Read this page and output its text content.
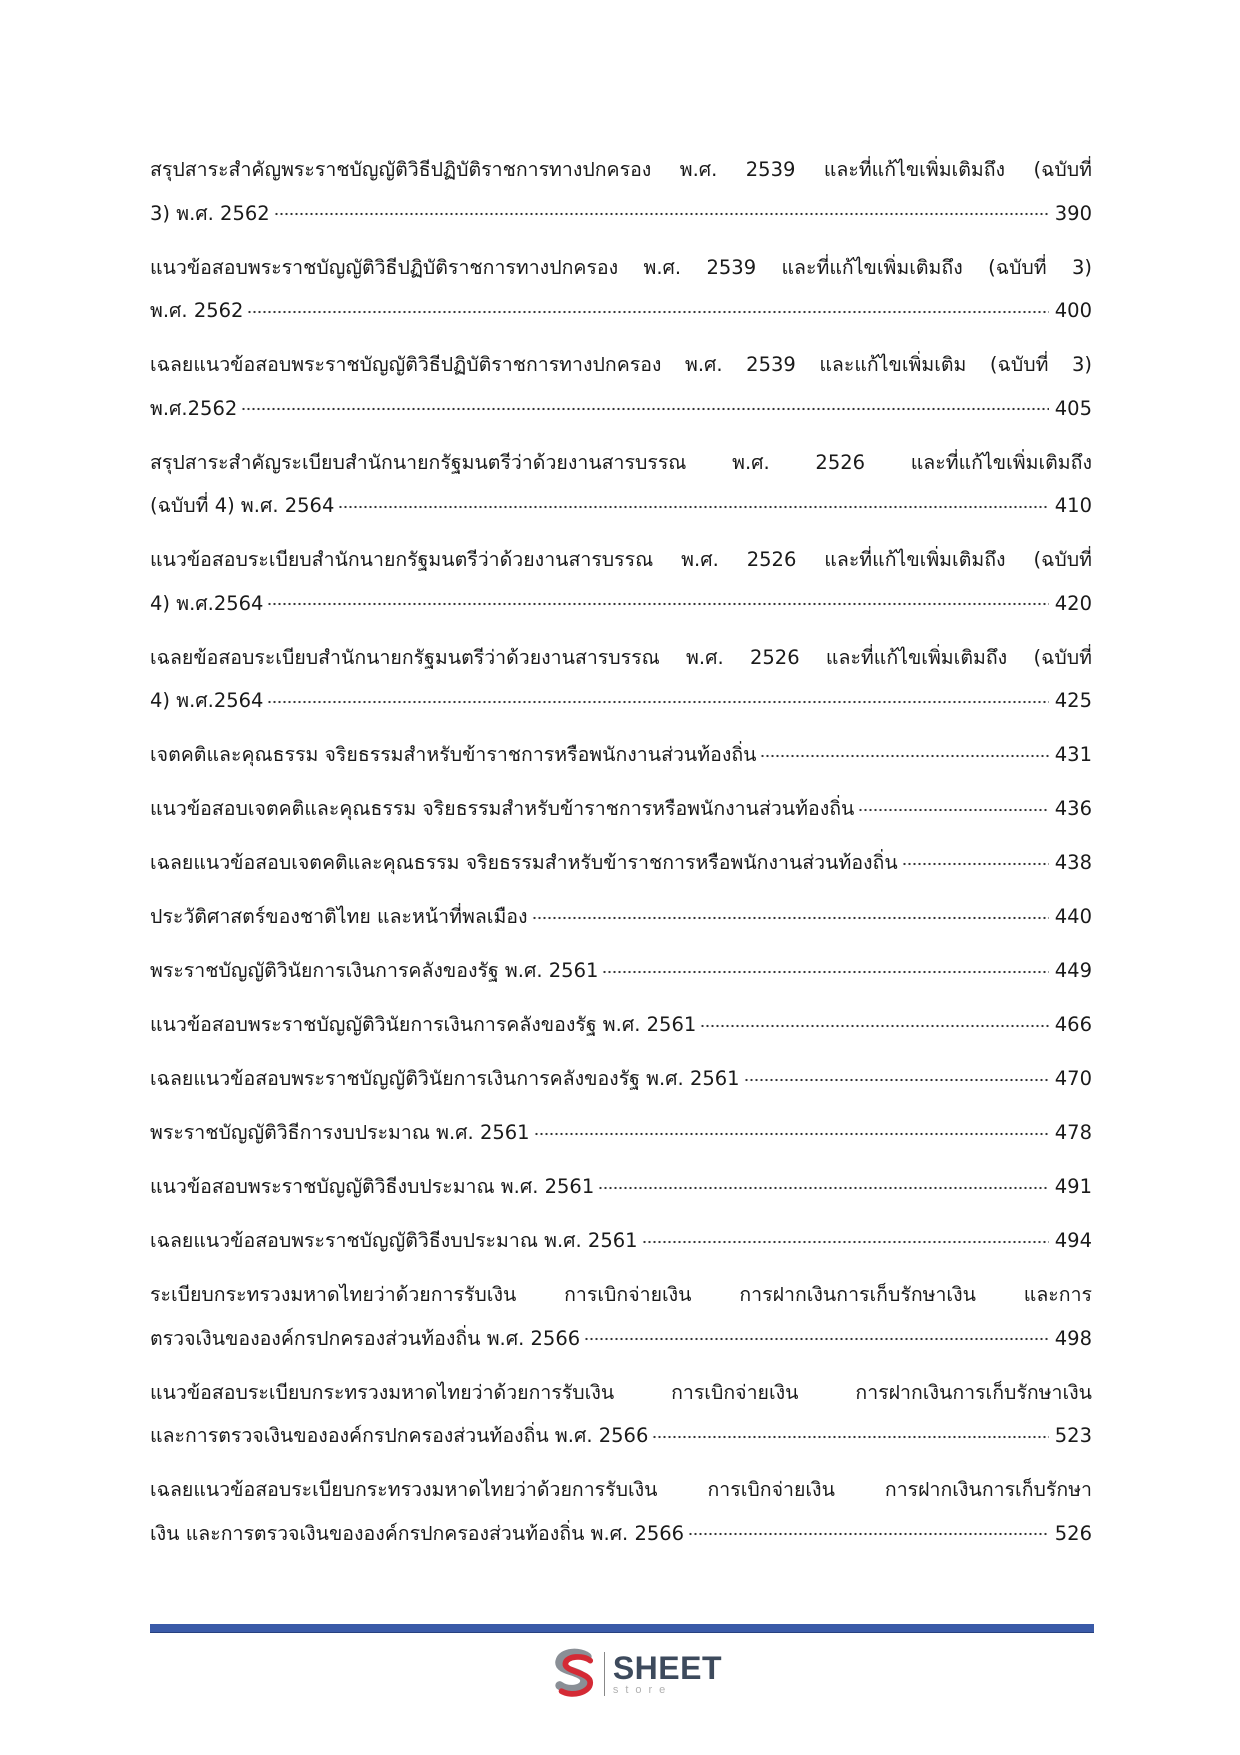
สรุปสาระสำคัญพระราชบัญญัติวิธีปฏิบัติราชการทางปกครอง พ.ศ. 2539 และที่แก้ไขเพิ่มเติมถึง (ฉบับที่
3) พ.ศ. 2562	390
แนวข้อสอบพระราชบัญญัติวิธีปฏิบัติราชการทางปกครอง พ.ศ. 2539 และที่แก้ไขเพิ่มเติมถึง (ฉบับที่ 3)
พ.ศ. 2562	400
เฉลยแนวข้อสอบพระราชบัญญัติวิธีปฏิบัติราชการทางปกครอง พ.ศ. 2539 และแก้ไขเพิ่มเติม (ฉบับที่ 3)
พ.ศ.2562	405
สรุปสาระสำคัญระเบียบสำนักนายกรัฐมนตรีว่าด้วยงานสารบรรณ พ.ศ. 2526 และที่แก้ไขเพิ่มเติมถึง
(ฉบับที่ 4) พ.ศ. 2564	410
แนวข้อสอบระเบียบสำนักนายกรัฐมนตรีว่าด้วยงานสารบรรณ พ.ศ. 2526 และที่แก้ไขเพิ่มเติมถึง (ฉบับที่
4) พ.ศ.2564	420
เฉลยข้อสอบระเบียบสำนักนายกรัฐมนตรีว่าด้วยงานสารบรรณ พ.ศ. 2526 และที่แก้ไขเพิ่มเติมถึง (ฉบับที่
4) พ.ศ.2564	425
เจตคติและคุณธรรม จริยธรรมสำหรับข้าราชการหรือพนักงานส่วนท้องถิ่น	431
แนวข้อสอบเจตคติและคุณธรรม จริยธรรมสำหรับข้าราชการหรือพนักงานส่วนท้องถิ่น	436
เฉลยแนวข้อสอบเจตคติและคุณธรรม จริยธรรมสำหรับข้าราชการหรือพนักงานส่วนท้องถิ่น	438
ประวัติศาสตร์ของชาติไทย และหน้าที่พลเมือง	440
พระราชบัญญัติวินัยการเงินการคลังของรัฐ พ.ศ. 2561	449
แนวข้อสอบพระราชบัญญัติวินัยการเงินการคลังของรัฐ พ.ศ. 2561	466
เฉลยแนวข้อสอบพระราชบัญญัติวินัยการเงินการคลังของรัฐ พ.ศ. 2561	470
พระราชบัญญัติวิธีการงบประมาณ พ.ศ. 2561	478
แนวข้อสอบพระราชบัญญัติวิธีงบประมาณ พ.ศ. 2561	491
เฉลยแนวข้อสอบพระราชบัญญัติวิธีงบประมาณ พ.ศ. 2561	494
ระเบียบกระทรวงมหาดไทยว่าด้วยการรับเงิน การเบิกจ่ายเงิน การฝากเงินการเก็บรักษาเงิน และการ
ตรวจเงินขององค์กรปกครองส่วนท้องถิ่น พ.ศ. 2566	498
แนวข้อสอบระเบียบกระทรวงมหาดไทยว่าด้วยการรับเงิน การเบิกจ่ายเงิน การฝากเงินการเก็บรักษาเงิน
และการตรวจเงินขององค์กรปกครองส่วนท้องถิ่น พ.ศ. 2566	523
เฉลยแนวข้อสอบระเบียบกระทรวงมหาดไทยว่าด้วยการรับเงิน การเบิกจ่ายเงิน การฝากเงินการเก็บรักษา
เงิน และการตรวจเงินขององค์กรปกครองส่วนท้องถิ่น พ.ศ. 2566	526
SHEET
store
